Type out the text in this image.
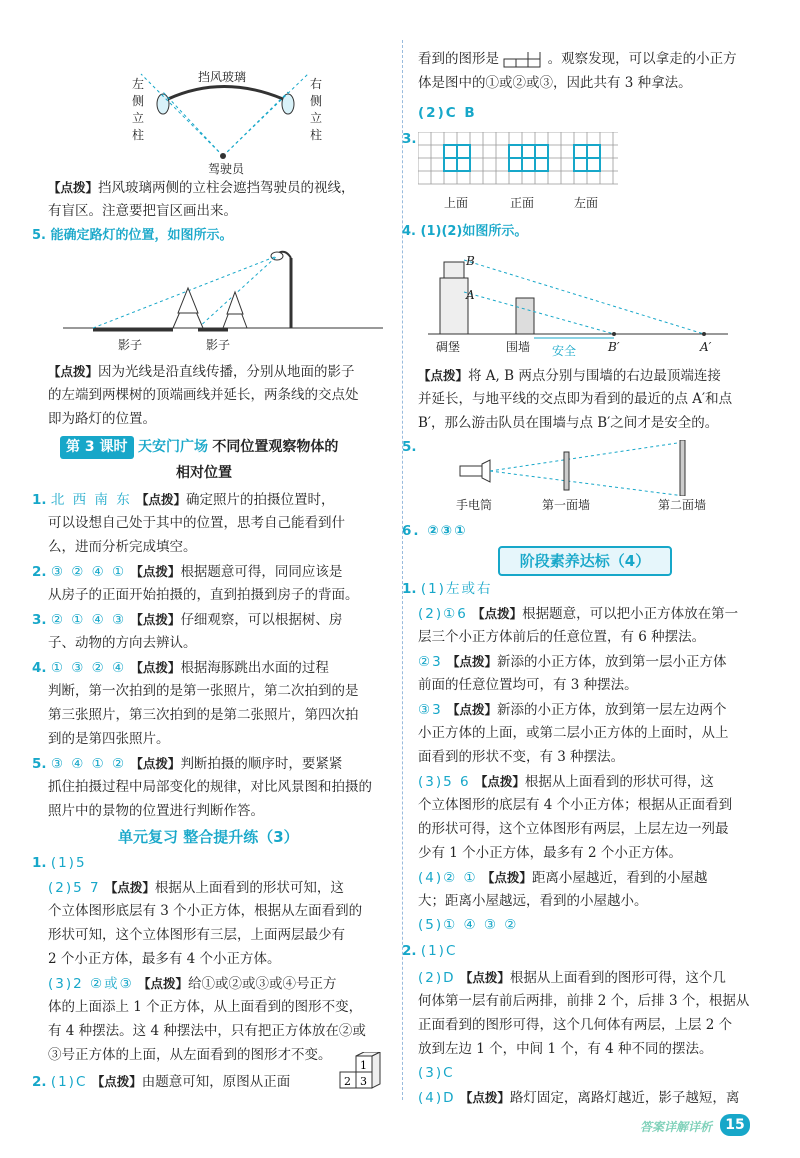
挡风玻璃
左侧立柱
右侧立柱
驾驶员
【点拨】挡风玻璃两侧的立柱会遮挡驾驶员的视线，
有盲区。注意要把盲区画出来。
5. 能确定路灯的位置，如图所示。
影子	影子
【点拨】因为光线是沿直线传播，分别从地面的影子
的左端到两棵树的顶端画线并延长，两条线的交点处
即为路灯的位置。
第 3 课时 天安门广场 不同位置观察物体的
相对位置
1. 北 西 南 东 【点拨】确定照片的拍摄位置时，
可以设想自己处于其中的位置，思考自己能看到什
么，进而分析完成填空。
2. ③ ② ④ ① 【点拨】根据题意可得，同同应该是
从房子的正面开始拍摄的，直到拍摄到房子的背面。
3. ② ① ④ ③ 【点拨】仔细观察，可以根据树、房
子、动物的方向去辨认。
4. ① ③ ② ④ 【点拨】根据海豚跳出水面的过程
判断，第一次拍到的是第一张照片，第二次拍到的是
第三张照片，第三次拍到的是第二张照片，第四次拍
到的是第四张照片。
5. ③ ④ ① ② 【点拨】判断拍摄的顺序时，要紧紧
抓住拍摄过程中局部变化的规律，对比风景图和拍摄的
照片中的景物的位置进行判断作答。
单元复习 整合提升练（3）
1. (1)5
(2)5 7 【点拨】根据从上面看到的形状可知，这
个立体图形底层有 3 个小正方体，根据从左面看到的
形状可知，这个立体图形有三层，上面两层最少有
2 个小正方体，最多有 4 个小正方体。
(3)2 ②或③ 【点拨】给①或②或③或④号正方
体的上面添上 1 个正方体，从上面看到的图形不变，
有 4 种摆法。这 4 种摆法中，只有把正方体放在②或
③号正方体的上面，从左面看到的图形才不变。
2. (1)C 【点拨】由题意可知，原图从正面	2 3
1
看到的图形是	。观察发现，可以拿走的小正方
体是图中的①或②或③，因此共有 3 种拿法。
(2)C B
3.
上面	正面	左面
4. (1)(2)如图所示。
B
A
碉堡	围墙 安全	B′	A′
【点拨】将 A, B 两点分别与围墙的右边最顶端连接
并延长，与地平线的交点即为看到的最近的点 A′和点
B′，那么游击队员在围墙与点 B′之间才是安全的。
5.
手电筒	第一面墙	第二面墙
6. ②③①
阶段素养达标（4）
1. (1)左或右
(2)①6 【点拨】根据题意，可以把小正方体放在第一
层三个小正方体前后的任意位置，有 6 种摆法。
②3 【点拨】新添的小正方体，放到第一层小正方体
前面的任意位置均可，有 3 种摆法。
③3 【点拨】新添的小正方体，放到第一层左边两个
小正方体的上面，或第二层小正方体的上面时，从上
面看到的形状不变，有 3 种摆法。
(3)5 6 【点拨】根据从上面看到的形状可得，这
个立体图形的底层有 4 个小正方体；根据从正面看到
的形状可得，这个立体图形有两层，上层左边一列最
少有 1 个小正方体，最多有 2 个小正方体。
(4)② ① 【点拨】距离小屋越近，看到的小屋越
大；距离小屋越远，看到的小屋越小。
(5)① ④ ③ ②
2. (1)C
(2)D 【点拨】根据从上面看到的图形可得，这个几
何体第一层有前后两排，前排 2 个，后排 3 个，根据从
正面看到的图形可得，这个几何体有两层，上层 2 个
放到左边 1 个，中间 1 个，有 4 种不同的摆法。
(3)C
(4)D 【点拨】路灯固定，离路灯越近，影子越短，离
答案详解详析 15
